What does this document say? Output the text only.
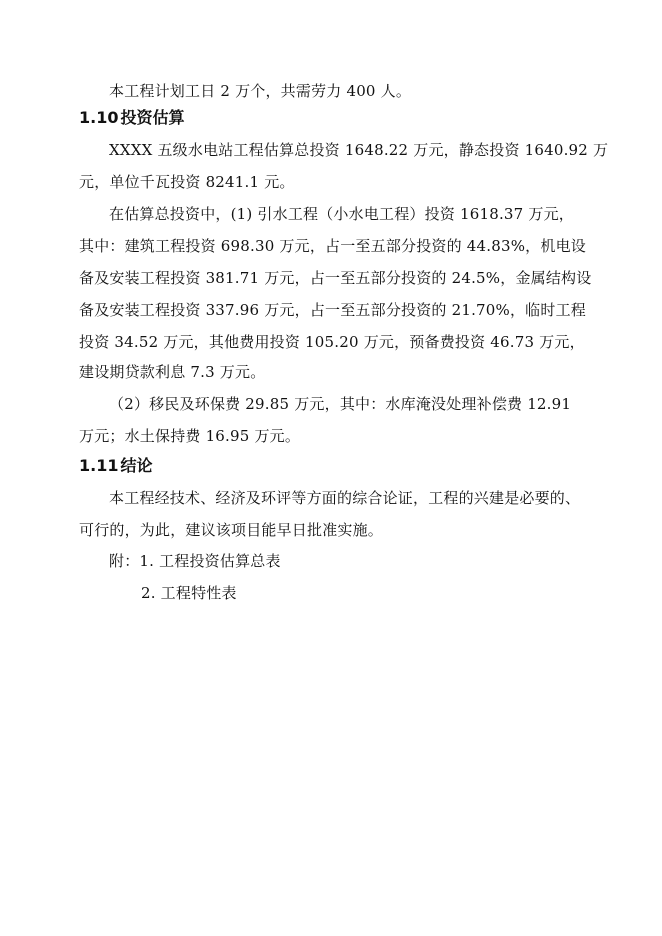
本工程计划工日 2 万个，共需劳力 400 人。
1.10 投资估算
XXXX 五级水电站工程估算总投资 1648.22 万元，静态投资 1640.92 万
元，单位千瓦投资 8241.1 元。
在估算总投资中，(1) 引水工程（小水电工程）投资 1618.37 万元，
其中：建筑工程投资 698.30 万元，占一至五部分投资的 44.83%，机电设
备及安装工程投资 381.71 万元，占一至五部分投资的 24.5%，金属结构设
备及安装工程投资 337.96 万元，占一至五部分投资的 21.70%，临时工程
投资 34.52 万元，其他费用投资 105.20 万元，预备费投资 46.73 万元，
建设期贷款利息 7.3 万元。
（2）移民及环保费 29.85 万元，其中：水库淹没处理补偿费 12.91
万元；水土保持费 16.95 万元。
1.11 结论
本工程经技术、经济及环评等方面的综合论证，工程的兴建是必要的、
可行的，为此，建议该项目能早日批准实施。
附：1. 工程投资估算总表
2. 工程特性表
